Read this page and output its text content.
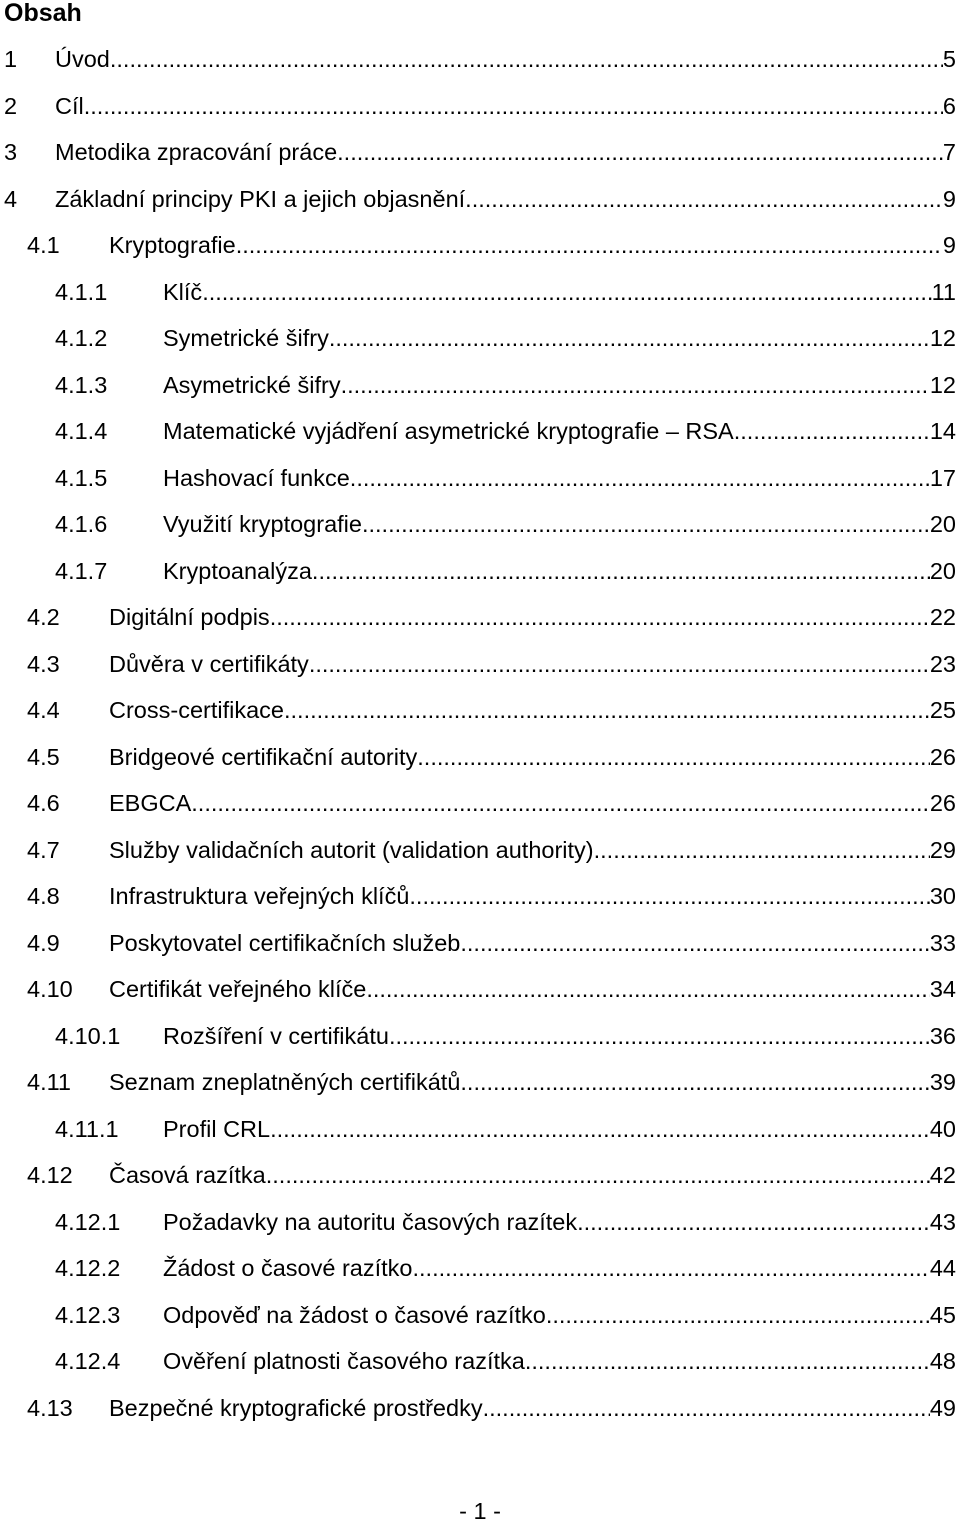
Obsah
1 Úvod .....	5
2 Cíl .....	6
3 Metodika zpracování práce .....	7
4 Základní principy PKI a jejich objasnění .....	9
4.1 Kryptografie .....	9
4.1.1 Klíč .....	11
4.1.2 Symetrické šifry .....	12
4.1.3 Asymetrické šifry .....	12
4.1.4 Matematické vyjádření asymetrické kryptografie – RSA .....	14
4.1.5 Hashovací funkce .....	17
4.1.6 Využití kryptografie .....	20
4.1.7 Kryptoanalýza .....	20
4.2 Digitální podpis .....	22
4.3 Důvěra v certifikáty .....	23
4.4 Cross-certifikace .....	25
4.5 Bridgeové certifikační autority .....	26
4.6 EBGCA .....	26
4.7 Služby validačních autorit (validation authority) .....	29
4.8 Infrastruktura veřejných klíčů .....	30
4.9 Poskytovatel certifikačních služeb .....	33
4.10 Certifikát veřejného klíče .....	34
4.10.1 Rozšíření v certifikátu .....	36
4.11 Seznam zneplatněných certifikátů .....	39
4.11.1 Profil CRL .....	40
4.12 Časová razítka .....	42
4.12.1 Požadavky na autoritu časových razítek .....	43
4.12.2 Žádost o časové razítko .....	44
4.12.3 Odpověď na žádost o časové razítko .....	45
4.12.4 Ověření platnosti časového razítka .....	48
4.13 Bezpečné kryptografické prostředky .....	49
- 1 -
